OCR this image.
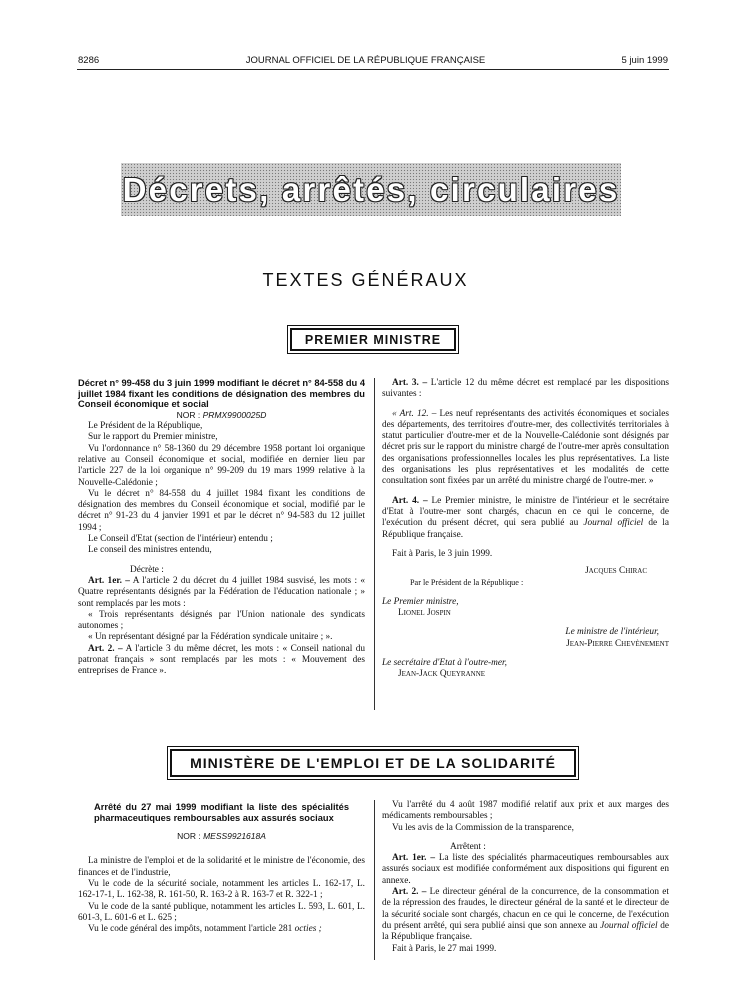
8286	JOURNAL OFFICIEL DE LA RÉPUBLIQUE FRANÇAISE	5 juin 1999
Décrets, arrêtés, circulaires
TEXTES GÉNÉRAUX
PREMIER MINISTRE

Décret n° 99-458 du 3 juin 1999 modifiant le décret n° 84-558 du 4 juillet 1984 fixant les conditions de désignation des membres du Conseil économique et social

NOR : PRMX9900025D

Le Président de la République,

Sur le rapport du Premier ministre,

Vu l'ordonnance n° 58-1360 du 29 décembre 1958 portant loi organique relative au Conseil économique et social, modifiée en dernier lieu par l'article 227 de la loi organique n° 99-209 du 19 mars 1999 relative à la Nouvelle-Calédonie ;

Vu le décret n° 84-558 du 4 juillet 1984 fixant les conditions de désignation des membres du Conseil économique et social, modifié par le décret n° 91-23 du 4 janvier 1991 et par le décret n° 94-583 du 12 juillet 1994 ;

Le Conseil d'Etat (section de l'intérieur) entendu ;

Le conseil des ministres entendu,

Décrète :

Art. 1er. – A l'article 2 du décret du 4 juillet 1984 susvisé, les mots : « Quatre représentants désignés par la Fédération de l'éducation nationale ; » sont remplacés par les mots :

« Trois représentants désignés par l'Union nationale des syndicats autonomes ;

« Un représentant désigné par la Fédération syndicale unitaire ; ».

Art. 2. – A l'article 3 du même décret, les mots : « Conseil national du patronat français » sont remplacés par les mots : « Mouvement des entreprises de France ».

Art. 3. – L'article 12 du même décret est remplacé par les dispositions suivantes :

« Art. 12. – Les neuf représentants des activités économiques et sociales des départements, des territoires d'outre-mer, des collectivités territoriales à statut particulier d'outre-mer et de la Nouvelle-Calédonie sont désignés par décret pris sur le rapport du ministre chargé de l'outre-mer après consultation des organisations professionnelles locales les plus représentatives. La liste des organisations les plus représentatives et les modalités de cette consultation sont fixées par un arrêté du ministre chargé de l'outre-mer. »

Art. 4. – Le Premier ministre, le ministre de l'intérieur et le secrétaire d'Etat à l'outre-mer sont chargés, chacun en ce qui le concerne, de l'exécution du présent décret, qui sera publié au Journal officiel de la République française.

Fait à Paris, le 3 juin 1999.

Jacques Chirac

Par le Président de la République :

Le Premier ministre,

Lionel Jospin

Le ministre de l'intérieur,

Jean-Pierre Chevènement

Le secrétaire d'Etat à l'outre-mer,

Jean-Jack Queyranne

MINISTÈRE DE L'EMPLOI ET DE LA SOLIDARITÉ

Arrêté du 27 mai 1999 modifiant la liste des spécialités pharmaceutiques remboursables aux assurés sociaux

NOR : MESS9921618A

La ministre de l'emploi et de la solidarité et le ministre de l'économie, des finances et de l'industrie,

Vu le code de la sécurité sociale, notamment les articles L. 162-17, L. 162-17-1, L. 162-38, R. 161-50, R. 163-2 à R. 163-7 et R. 322-1 ;

Vu le code de la santé publique, notamment les articles L. 593, L. 601, L. 601-3, L. 601-6 et L. 625 ;

Vu le code général des impôts, notamment l'article 281 octies ;

Vu l'arrêté du 4 août 1987 modifié relatif aux prix et aux marges des médicaments remboursables ;

Vu les avis de la Commission de la transparence,

Arrêtent :

Art. 1er. – La liste des spécialités pharmaceutiques remboursables aux assurés sociaux est modifiée conformément aux dispositions qui figurent en annexe.

Art. 2. – Le directeur général de la concurrence, de la consommation et de la répression des fraudes, le directeur général de la santé et le directeur de la sécurité sociale sont chargés, chacun en ce qui le concerne, de l'exécution du présent arrêté, qui sera publié ainsi que son annexe au Journal officiel de la République française.

Fait à Paris, le 27 mai 1999.
